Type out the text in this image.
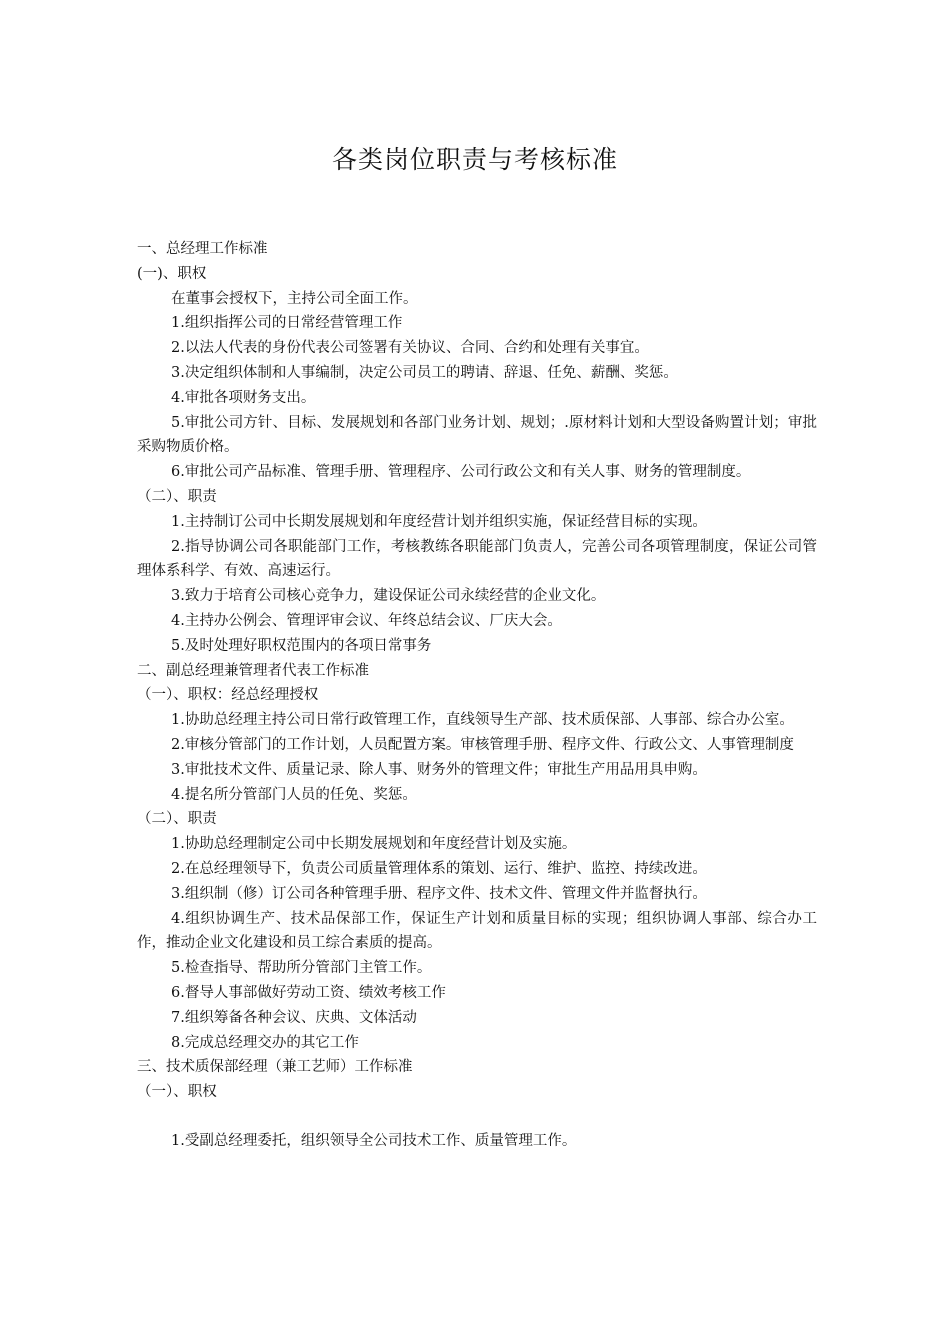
各类岗位职责与考核标准
一、总经理工作标准
(一)、职权
在董事会授权下，主持公司全面工作。
1.组织指挥公司的日常经营管理工作
2.以法人代表的身份代表公司签署有关协议、合同、合约和处理有关事宜。
3.决定组织体制和人事编制，决定公司员工的聘请、辞退、任免、薪酬、奖惩。
4.审批各项财务支出。
5.审批公司方针、目标、发展规划和各部门业务计划、规划；.原材料计划和大型设备购置计划；审批采购物质价格。
6.审批公司产品标准、管理手册、管理程序、公司行政公文和有关人事、财务的管理制度。
（二）、职责
1.主持制订公司中长期发展规划和年度经营计划并组织实施，保证经营目标的实现。
2.指导协调公司各职能部门工作，考核教练各职能部门负责人，完善公司各项管理制度，保证公司管理体系科学、有效、高速运行。
3.致力于培育公司核心竞争力，建设保证公司永续经营的企业文化。
4.主持办公例会、管理评审会议、年终总结会议、厂庆大会。
5.及时处理好职权范围内的各项日常事务
二、副总经理兼管理者代表工作标准
（一）、职权：经总经理授权
1.协助总经理主持公司日常行政管理工作，直线领导生产部、技术质保部、人事部、综合办公室。
2.审核分管部门的工作计划，人员配置方案。审核管理手册、程序文件、行政公文、人事管理制度
3.审批技术文件、质量记录、除人事、财务外的管理文件；审批生产用品用具申购。
4.提名所分管部门人员的任免、奖惩。
（二）、职责
1.协助总经理制定公司中长期发展规划和年度经营计划及实施。
2.在总经理领导下，负责公司质量管理体系的策划、运行、维护、监控、持续改进。
3.组织制（修）订公司各种管理手册、程序文件、技术文件、管理文件并监督执行。
4.组织协调生产、技术品保部工作，保证生产计划和质量目标的实现；组织协调人事部、综合办工作，推动企业文化建设和员工综合素质的提高。
5.检查指导、帮助所分管部门主管工作。
6.督导人事部做好劳动工资、绩效考核工作
7.组织筹备各种会议、庆典、文体活动
8.完成总经理交办的其它工作
三、技术质保部经理（兼工艺师）工作标准
（一）、职权
1.受副总经理委托，组织领导全公司技术工作、质量管理工作。
